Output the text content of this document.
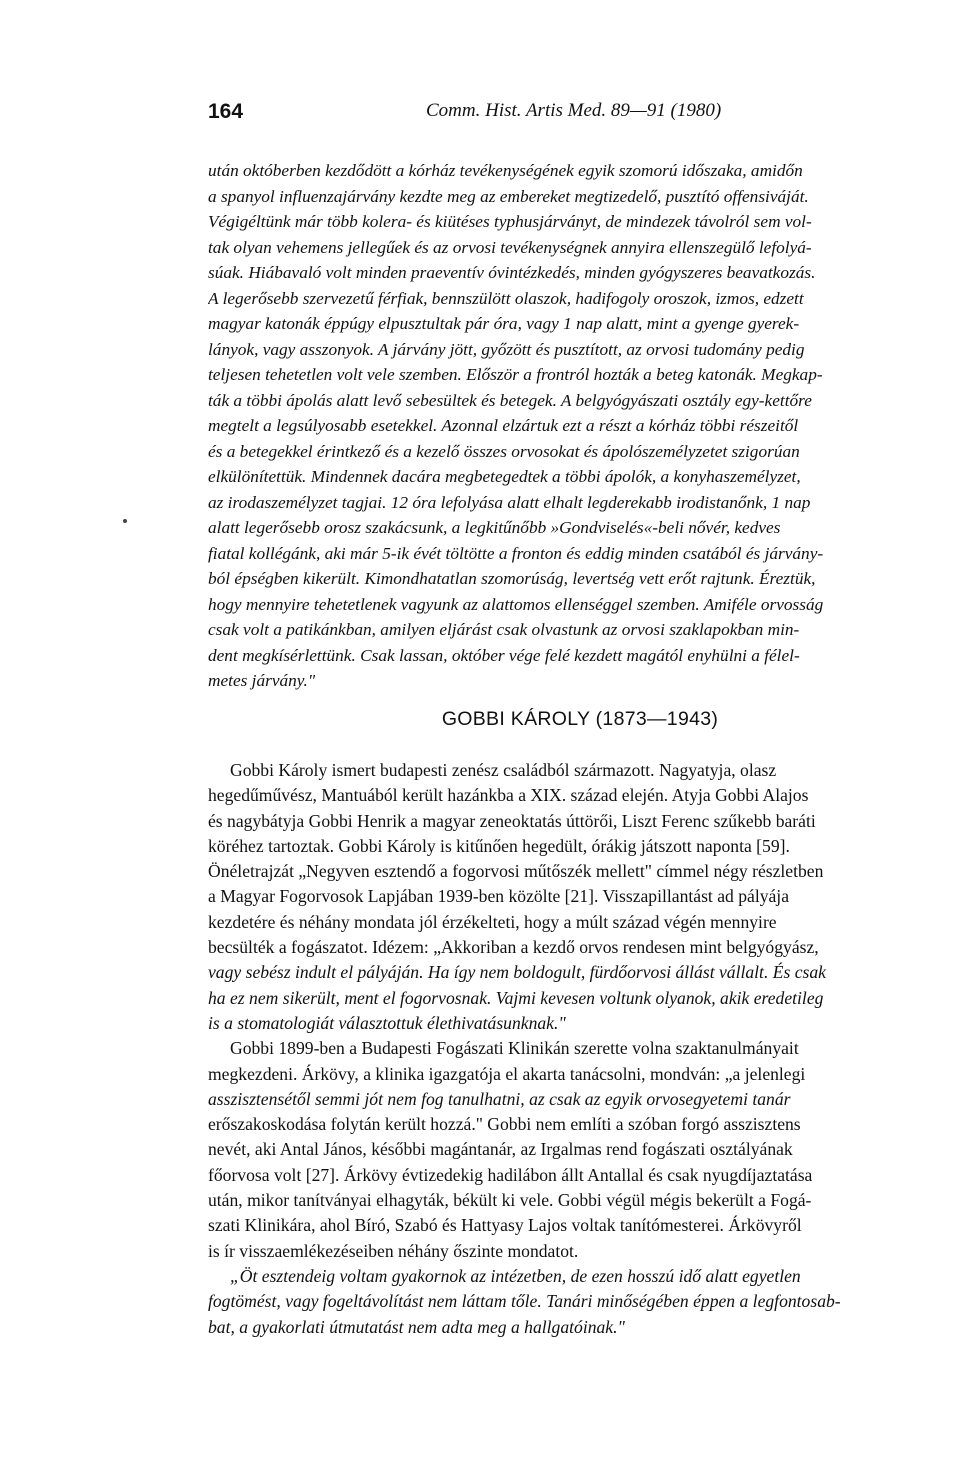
164	Comm. Hist. Artis Med. 89—91 (1980)
után októberben kezdődött a kórház tevékenységének egyik szomorú időszaka, amidőn
a spanyol influenzajárvány kezdte meg az embereket megtizedelő, pusztító offensiváját.
Végigéltünk már több kolera- és kiütéses typhusjárványt, de mindezek távolról sem vol-
tak olyan vehemens jellegűek és az orvosi tevékenységnek annyira ellenszegülő lefolyá-
súak. Hiábavaló volt minden praeventív óvintézkedés, minden gyógyszeres beavatkozás.
A legerősebb szervezetű férfiak, bennszülött olaszok, hadifogoly oroszok, izmos, edzett
magyar katonák éppúgy elpusztultak pár óra, vagy 1 nap alatt, mint a gyenge gyerek-
lányok, vagy asszonyok. A járvány jött, győzött és pusztított, az orvosi tudomány pedig
teljesen tehetetlen volt vele szemben. Először a frontról hozták a beteg katonák. Megkap-
ták a többi ápolás alatt levő sebesültek és betegek. A belgyógyászati osztály egy-kettőre
megtelt a legsúlyosabb esetekkel. Azonnal elzártuk ezt a részt a kórház többi részeitől
és a betegekkel érintkező és a kezelő összes orvosokat és ápolószemélyzetet szigorúan
elkülönítettük. Mindennek dacára megbetegedtek a többi ápolók, a konyhaszemélyzet,
az irodaszemélyzet tagjai. 12 óra lefolyása alatt elhalt legderekabb irodistanőnk, 1 nap
alatt legerősebb orosz szakácsunk, a legkitűnőbb »Gondviselés«-beli nővér, kedves
fiatal kollégánk, aki már 5-ik évét töltötte a fronton és eddig minden csatából és járvány-
ból épségben kikerült. Kimondhatatlan szomorúság, levertség vett erőt rajtunk. Éreztük,
hogy mennyire tehetetlenek vagyunk az alattomos ellenséggel szemben. Amiféle orvosság
csak volt a patikánkban, amilyen eljárást csak olvastunk az orvosi szaklapokban min-
dent megkísérlettünk. Csak lassan, október vége felé kezdett magától enyhülni a félel-
metes járvány."
GOBBI KÁROLY (1873—1943)
Gobbi Károly ismert budapesti zenész családból származott. Nagyatyja, olasz
hegedűművész, Mantuából került hazánkba a XIX. század elején. Atyja Gobbi Alajos
és nagybátyja Gobbi Henrik a magyar zeneoktatás úttörői, Liszt Ferenc szűkebb baráti
köréhez tartoztak. Gobbi Károly is kitűnően hegedült, órákig játszott naponta [59].
Önéletrajzát „Negyven esztendő a fogorvosi műtőszék mellett" címmel négy részletben
a Magyar Fogorvosok Lapjában 1939-ben közölte [21]. Visszapillantást ad pályája
kezdetére és néhány mondata jól érzékelteti, hogy a múlt század végén mennyire
becsülték a fogászatot. Idézem: „Akkoriban a kezdő orvos rendesen mint belgyógyász,
vagy sebész indult el pályáján. Ha így nem boldogult, fürdőorvosi állást vállalt. És csak
ha ez nem sikerült, ment el fogorvosnak. Vajmi kevesen voltunk olyanok, akik eredetileg
is a stomatologiát választottuk élethivatásunknak."
Gobbi 1899-ben a Budapesti Fogászati Klinikán szerette volna szaktanulmányait
megkezdeni. Árkövy, a klinika igazgatója el akarta tanácsolni, mondván: „a jelenlegi
asszisztensétől semmi jót nem fog tanulhatni, az csak az egyik orvosegyetemi tanár
erőszakoskodása folytán került hozzá." Gobbi nem említi a szóban forgó asszisztens
nevét, aki Antal János, későbbi magántanár, az Irgalmas rend fogászati osztályának
főorvosa volt [27]. Árkövy évtizedekig hadilábon állt Antallal és csak nyugdíjaztatása
után, mikor tanítványai elhagyták, békült ki vele. Gobbi végül mégis bekerült a Fogá-
szati Klinikára, ahol Bíró, Szabó és Hattyasy Lajos voltak tanítómesterei. Árkövyről
is ír visszaemlékezéseiben néhány őszinte mondatot.
„Öt esztendeig voltam gyakornok az intézetben, de ezen hosszú idő alatt egyetlen
fogtömést, vagy fogeltávolítást nem láttam tőle. Tanári minőségében éppen a legfontosab-
bat, a gyakorlati útmutatást nem adta meg a hallgatóinak."
